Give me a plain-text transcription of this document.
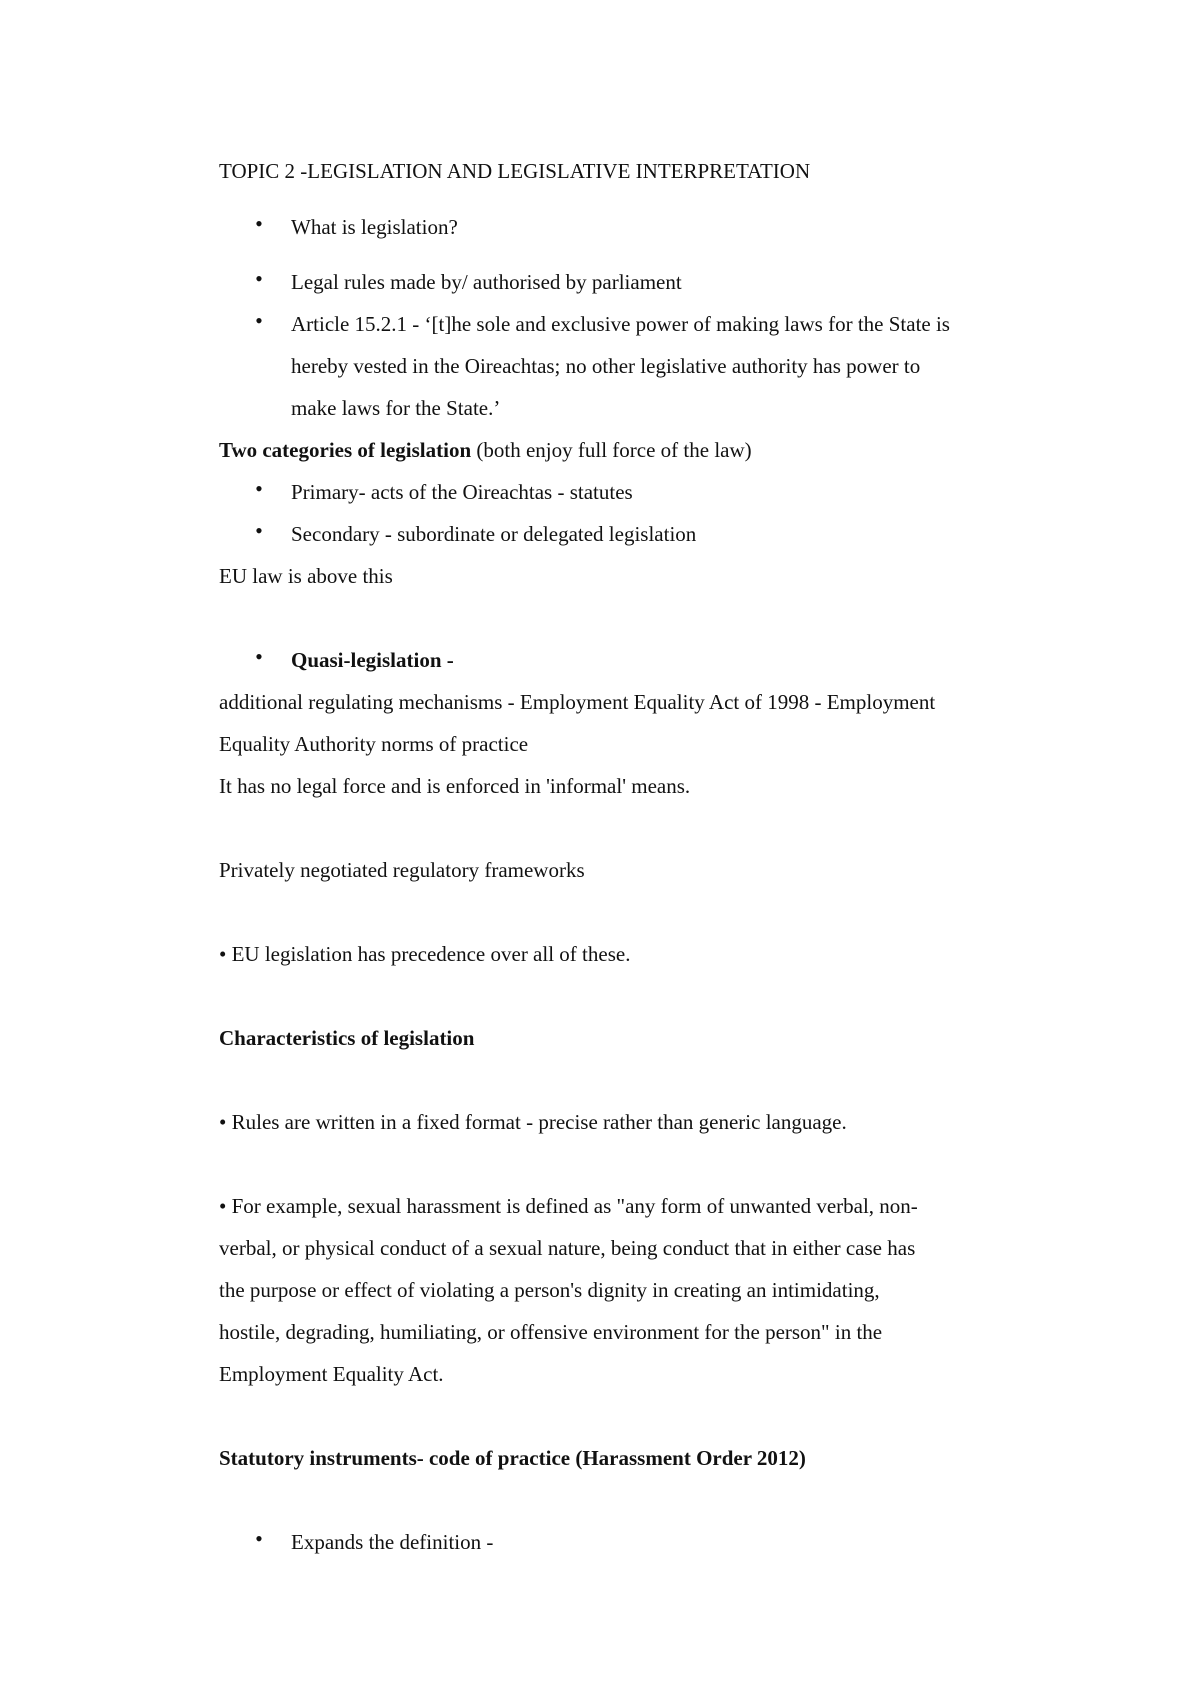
TOPIC 2 -LEGISLATION AND LEGISLATIVE INTERPRETATION
• What is legislation?
• Legal rules made by/ authorised by parliament
• Article 15.2.1 - ‘[t]he sole and exclusive power of making laws for the State is
hereby vested in the Oireachtas; no other legislative authority has power to
make laws for the State.’
Two categories of legislation (both enjoy full force of the law)
• Primary- acts of the Oireachtas - statutes
• Secondary - subordinate or delegated legislation
EU law is above this
• Quasi-legislation -
additional regulating mechanisms - Employment Equality Act of 1998 - Employment
Equality Authority norms of practice
It has no legal force and is enforced in 'informal' means.
Privately negotiated regulatory frameworks
• EU legislation has precedence over all of these.
Characteristics of legislation
• Rules are written in a fixed format - precise rather than generic language.
• For example, sexual harassment is defined as "any form of unwanted verbal, non-
verbal, or physical conduct of a sexual nature, being conduct that in either case has
the purpose or effect of violating a person's dignity in creating an intimidating,
hostile, degrading, humiliating, or offensive environment for the person" in the
Employment Equality Act.
Statutory instruments- code of practice (Harassment Order 2012)
• Expands the definition -
